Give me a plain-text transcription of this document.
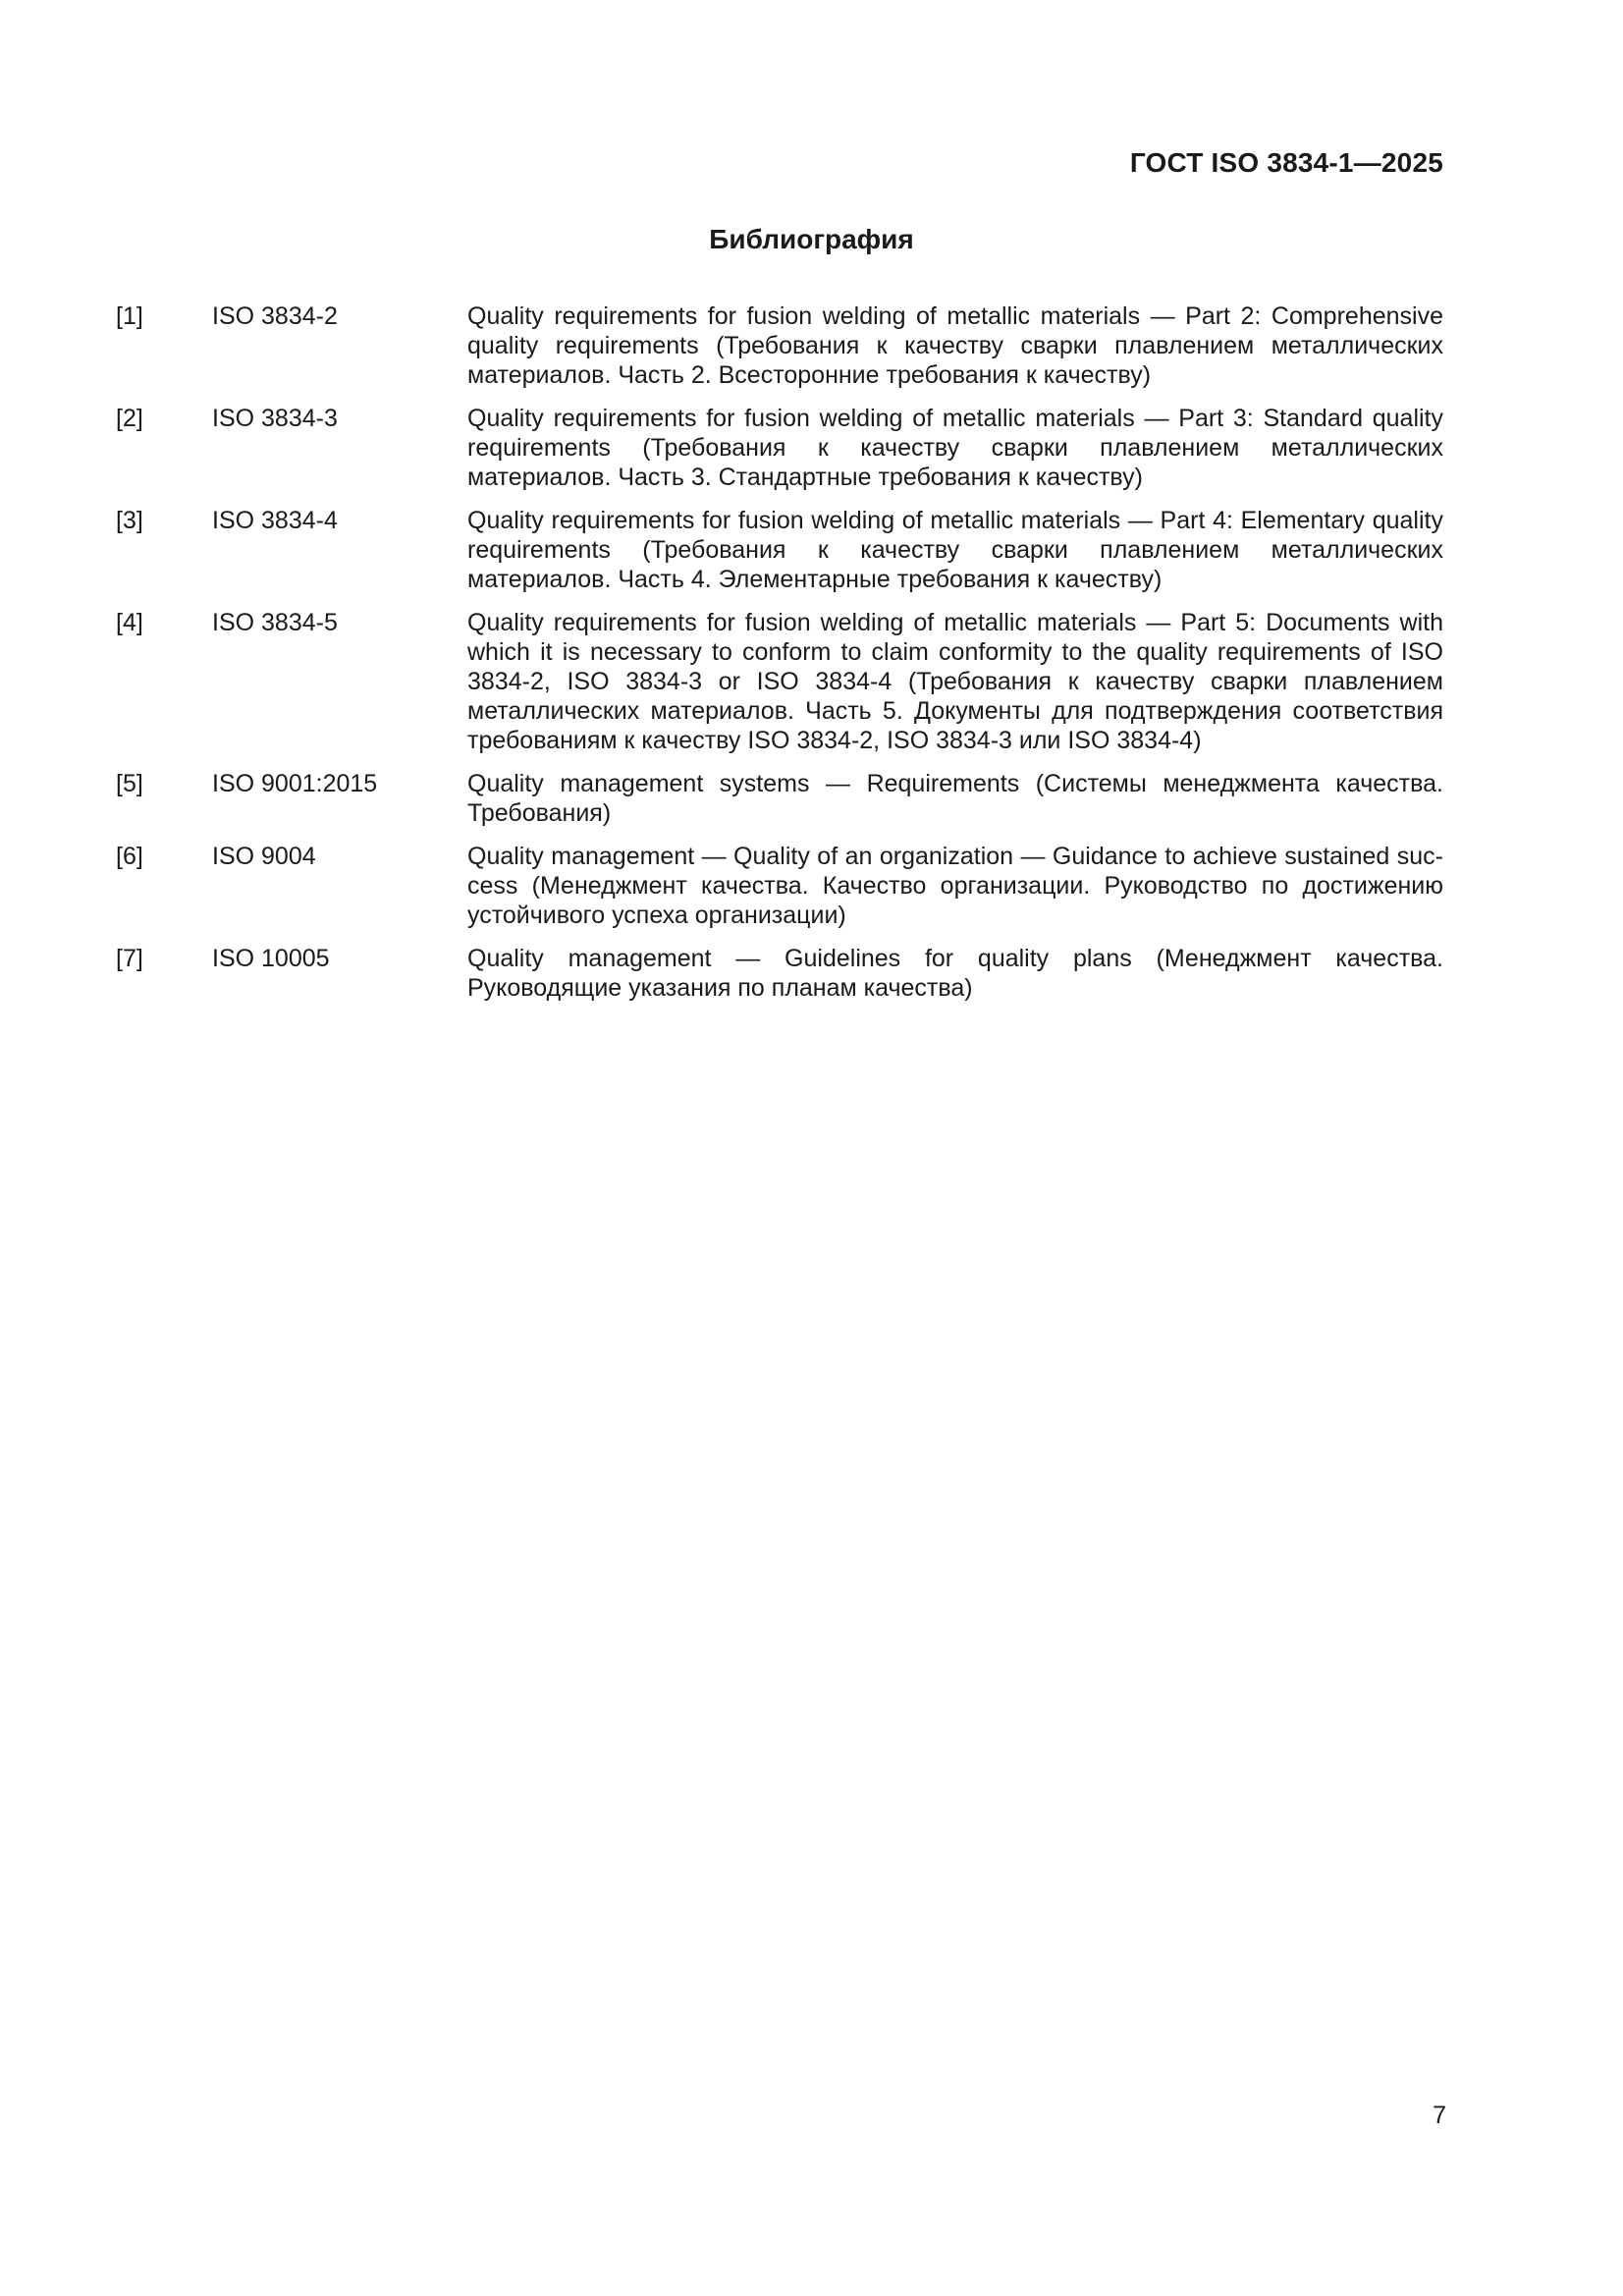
ГОСТ ISO 3834-1—2025
Библиография
[1]	ISO 3834-2	Quality requirements for fusion welding of metallic materials — Part 2: Comprehensive quality requirements (Требования к качеству сварки плавлением металлических материалов. Часть 2. Всесторонние требования к качеству)
[2]	ISO 3834-3	Quality requirements for fusion welding of metallic materials — Part 3: Standard quality requirements (Требования к качеству сварки плавлением металлических материалов. Часть 3. Стандартные требования к качеству)
[3]	ISO 3834-4	Quality requirements for fusion welding of metallic materials — Part 4: Elementary quality requirements (Требования к качеству сварки плавлением металлических материалов. Часть 4. Элементарные требования к качеству)
[4]	ISO 3834-5	Quality requirements for fusion welding of metallic materials — Part 5: Documents with which it is necessary to conform to claim conformity to the quality requirements of ISO 3834-2, ISO 3834-3 or ISO 3834-4 (Требования к качеству сварки плавлением металлических материалов. Часть 5. Документы для подтверждения соответствия требованиям к качеству ISO 3834-2, ISO 3834-3 или ISO 3834-4)
[5]	ISO 9001:2015	Quality management systems — Requirements (Системы менеджмента качества. Требования)
[6]	ISO 9004	Quality management — Quality of an organization — Guidance to achieve sustained success (Менеджмент качества. Качество организации. Руководство по достижению устойчивого успеха организации)
[7]	ISO 10005	Quality management — Guidelines for quality plans (Менеджмент качества. Руководящие указания по планам качества)
7
